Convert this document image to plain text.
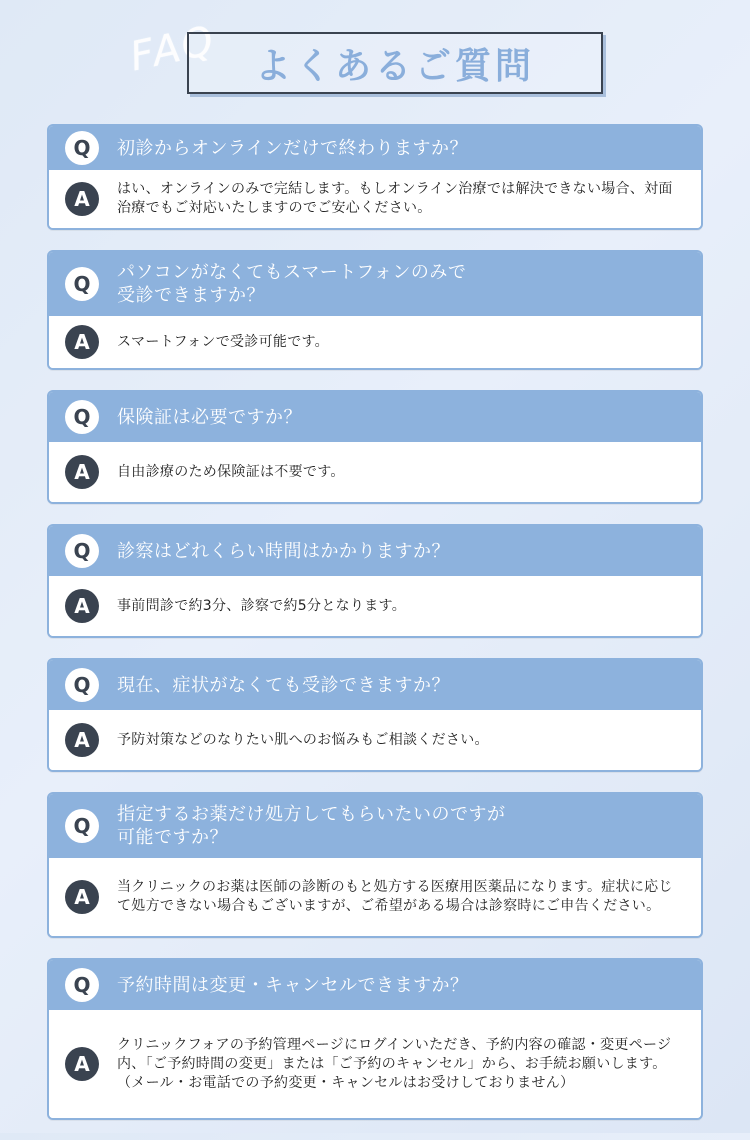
FAQ よくあるご質問
Q	初診からオンラインだけで終わりますか？
A	はい、オンラインのみで完結します。もしオンライン治療では解決できない場合、対面治療でもご対応いたしますのでご安心ください。
Q	パソコンがなくてもスマートフォンのみで
受診できますか？
A	スマートフォンで受診可能です。
Q	保険証は必要ですか？
A	自由診療のため保険証は不要です。
Q	診察はどれくらい時間はかかりますか？
A	事前問診で約3分、診察で約5分となります。
Q	現在、症状がなくても受診できますか？
A	予防対策などのなりたい肌へのお悩みもご相談ください。
Q	指定するお薬だけ処方してもらいたいのですが
可能ですか？
A	当クリニックのお薬は医師の診断のもと処方する医療用医薬品になります。症状に応じて処方できない場合もございますが、ご希望がある場合は診察時にご申告ください。
Q	予約時間は変更・キャンセルできますか？
A
クリニックフォアの予約管理ページにログインいただき、予約内容の確認・変更ページ内、「ご予約時間の変更」または「ご予約のキャンセル」から、お手続お願いします。（メール・お電話での予約変更・キャンセルはお受けしておりません）
